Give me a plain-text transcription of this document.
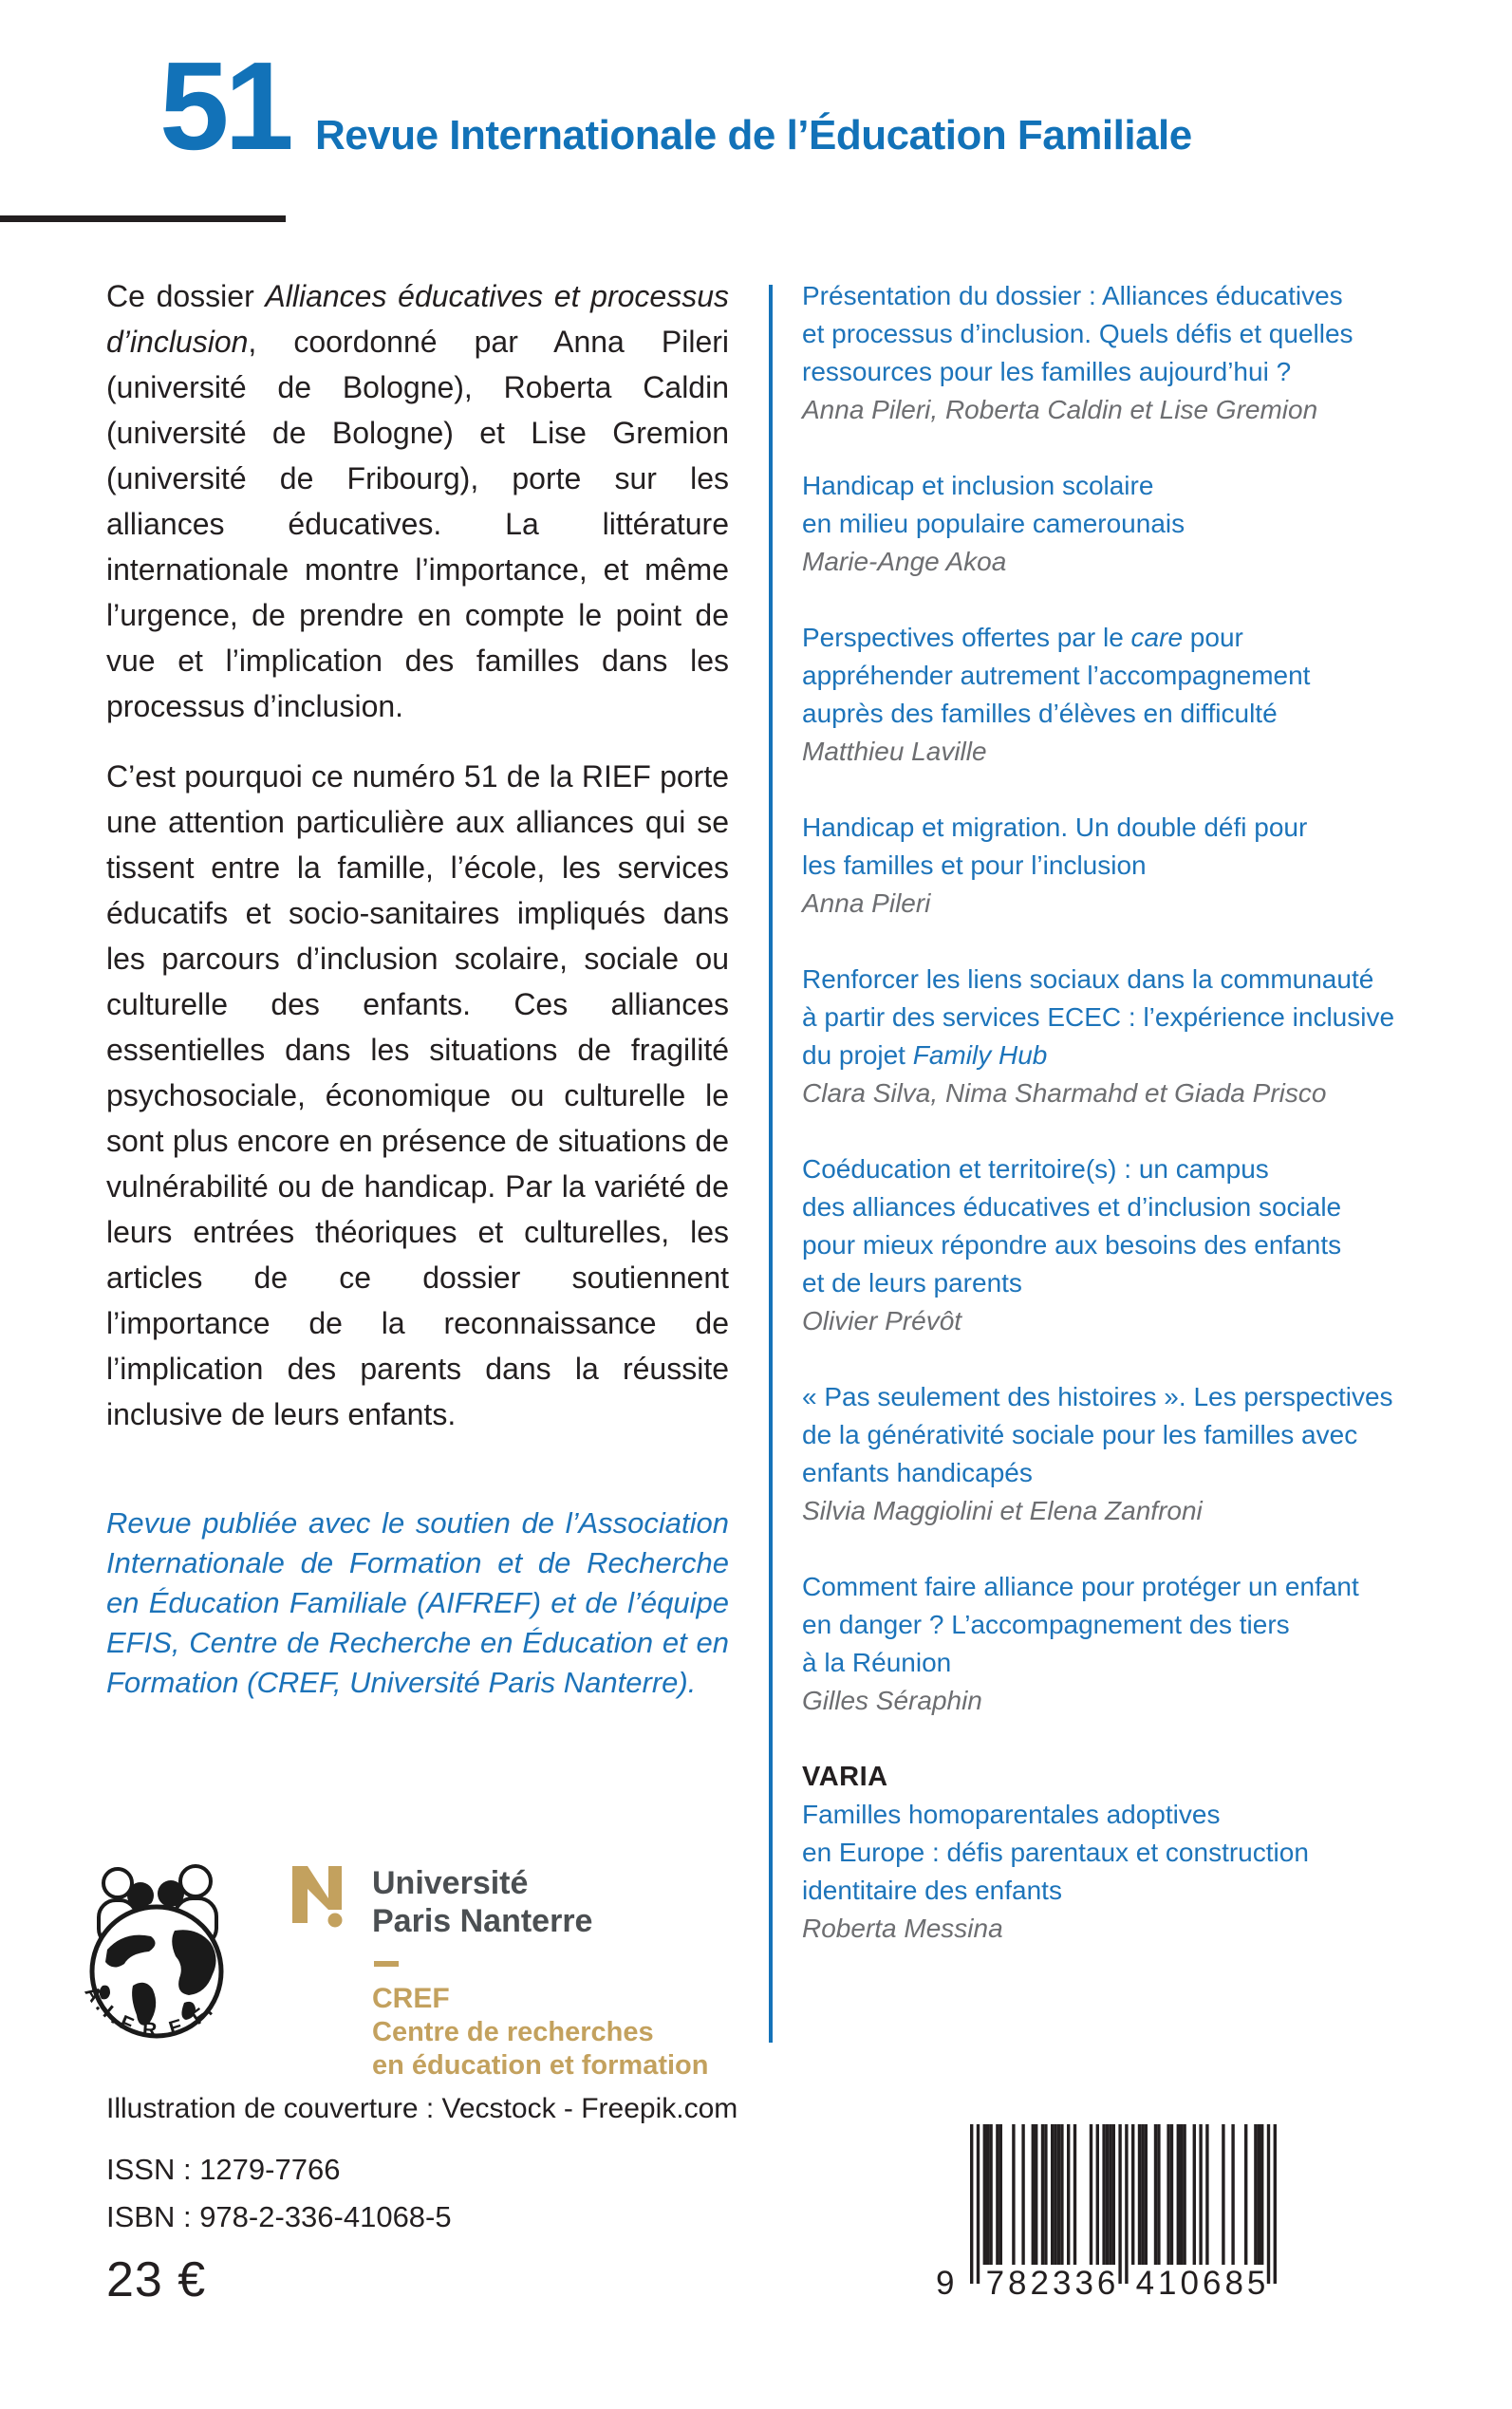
51 Revue Internationale de l’Éducation Familiale

Ce dossier Alliances éducatives et processus d’inclusion, coordonné par Anna Pileri (université de Bologne), Roberta Caldin (université de Bologne) et Lise Gremion (université de Fribourg), porte sur les alliances éducatives. La littérature internationale montre l’importance, et même l’urgence, de prendre en compte le point de vue et l’implication des familles dans les processus d’inclusion.

C’est pourquoi ce numéro 51 de la RIEF porte une attention particulière aux alliances qui se tissent entre la famille, l’école, les services éducatifs et socio-sanitaires impliqués dans les parcours d’inclusion scolaire, sociale ou culturelle des enfants. Ces alliances essentielles dans les situations de fragilité psychosociale, économique ou culturelle le sont plus encore en présence de situations de vulnérabilité ou de handicap. Par la variété de leurs entrées théoriques et culturelles, les articles de ce dossier soutiennent l’importance de la reconnaissance de l’implication des parents dans la réussite inclusive de leurs enfants.

Revue publiée avec le soutien de l’Association Internationale de Formation et de Recherche en Éducation Familiale (AIFREF) et de l’équipe EFIS, Centre de Recherche en Éducation et en Formation (CREF, Université Paris Nanterre).

Présentation du dossier : Alliances éducatives
et processus d’inclusion. Quels défis et quelles
ressources pour les familles aujourd’hui ?

Anna Pileri, Roberta Caldin et Lise Gremion

Handicap et inclusion scolaire
en milieu populaire camerounais

Marie-Ange Akoa

Perspectives offertes par le care pour
appréhender autrement l’accompagnement
auprès des familles d’élèves en difficulté

Matthieu Laville

Handicap et migration. Un double défi pour
les familles et pour l’inclusion

Anna Pileri

Renforcer les liens sociaux dans la communauté
à partir des services ECEC : l’expérience inclusive
du projet Family Hub

Clara Silva, Nima Sharmahd et Giada Prisco

Coéducation et territoire(s) : un campus
des alliances éducatives et d’inclusion sociale
pour mieux répondre aux besoins des enfants
et de leurs parents

Olivier Prévôt

« Pas seulement des histoires ». Les perspectives
de la générativité sociale pour les familles avec
enfants handicapés

Silvia Maggiolini et Elena Zanfroni

Comment faire alliance pour protéger un enfant
en danger ? L’accompagnement des tiers
à la Réunion

Gilles Séraphin

VARIA

Familles homoparentales adoptives
en Europe : défis parentaux et construction
identitaire des enfants

Roberta Messina

A.I.F.R.E.F.

Université

Paris Nanterre

CREF

Centre de recherches

en éducation et formation

Illustration de couverture : Vecstock - Freepik.com

ISSN : 1279-7766

ISBN : 978-2-336-41068-5

23 €	9 782336 410685
